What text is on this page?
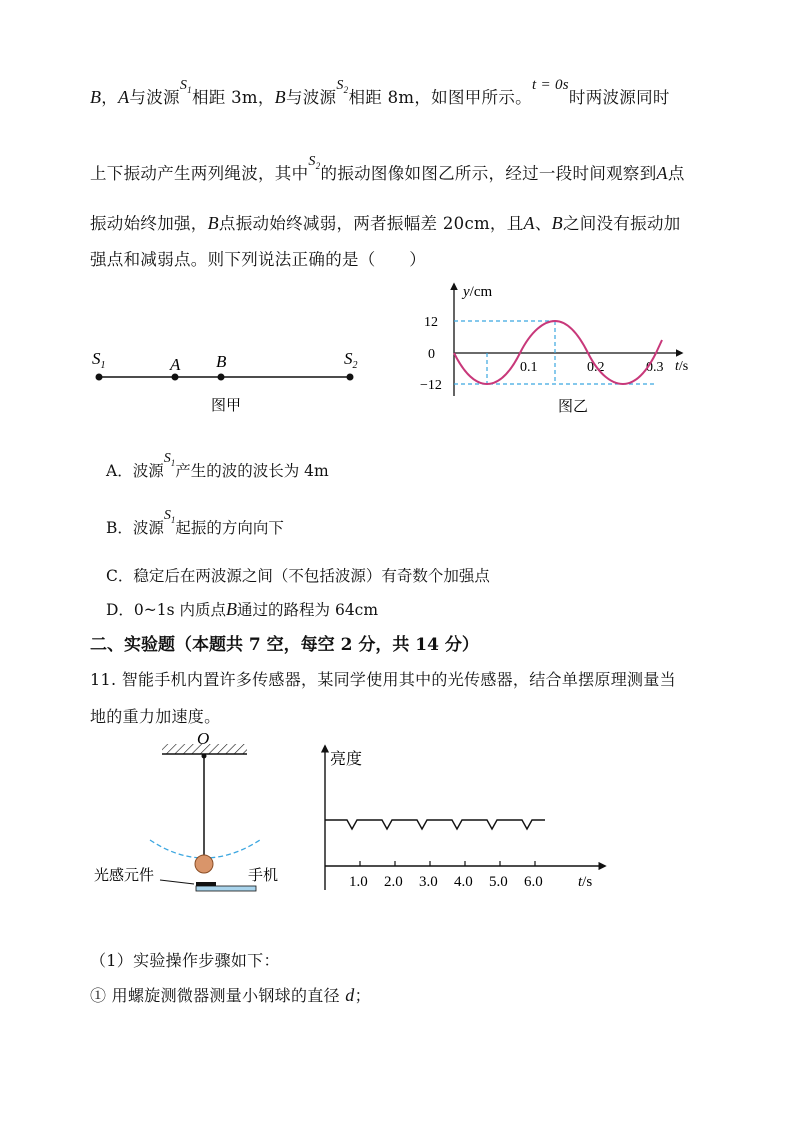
B，A与波源$^{S_1}$相距 3m，B与波源$^{S_2}$相距 8m，如图甲所示。t = 0s时两波源同时
上下振动产生两列绳波，其中$^{S_2}$的振动图像如图乙所示，经过一段时间观察到A点
振动始终加强，B点振动始终减弱，两者振幅差 20cm，且A、B之间没有振动加
强点和减弱点。则下列说法正确的是（　　）
$S_1$	A B	$S_2$
图甲
y/cm
12
0
−12
0.1	0.2	0.3 t/s
图乙
A．波源$S_1$产生的波的波长为 4m
B．波源$S_1$起振的方向向下
C．稳定后在两波源之间（不包括波源）有奇数个加强点
D．0~1s 内质点B通过的路程为 64cm
二、实验题（本题共 7 空，每空 2 分，共 14 分）
11. 智能手机内置许多传感器，某同学使用其中的光传感器，结合单摆原理测量当
地的重力加速度。
O
光感元件	手机
亮度
1.0 2.0 3.0 4.0 5.0 6.0 t/s
（1）实验操作步骤如下：
① 用螺旋测微器测量小钢球的直径 d；
